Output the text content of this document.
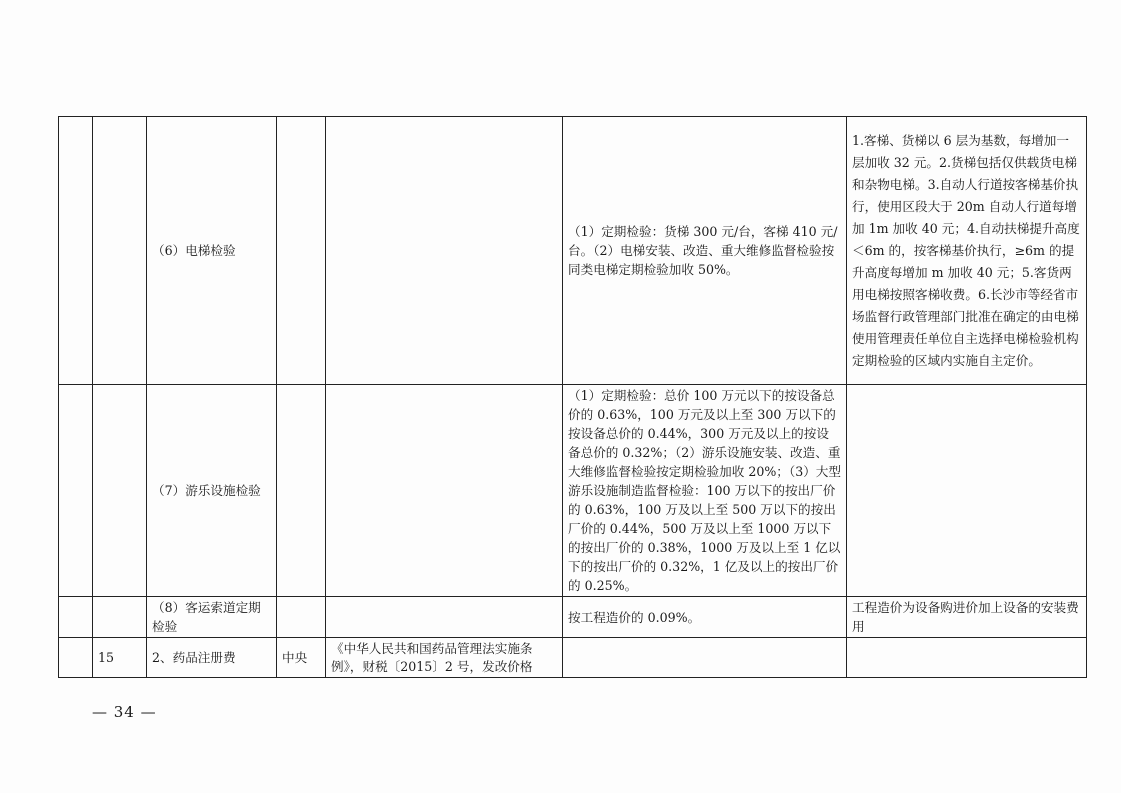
		（6）电梯检验			（1）定期检验：货梯 300 元/台，客梯 410 元/台。（2）电梯安装、改造、重大维修监督检验按同类电梯定期检验加收 50%。	1.客梯、货梯以 6 层为基数，每增加一层加收 32 元。2.货梯包括仅供载货电梯和杂物电梯。3.自动人行道按客梯基价执行，使用区段大于 20m 自动人行道每增加 1m 加收 40 元；4.自动扶梯提升高度＜6m 的，按客梯基价执行，≥6m 的提升高度每增加 m 加收 40 元；5.客货两用电梯按照客梯收费。6.长沙市等经省市场监督行政管理部门批准在确定的由电梯使用管理责任单位自主选择电梯检验机构定期检验的区域内实施自主定价。
		（7）游乐设施检验			（1）定期检验：总价 100 万元以下的按设备总价的 0.63%，100 万元及以上至 300 万以下的按设备总价的 0.44%，300 万元及以上的按设备总价的 0.32%；（2）游乐设施安装、改造、重大维修监督检验按定期检验加收 20%；（3）大型游乐设施制造监督检验：100 万以下的按出厂价的 0.63%，100 万及以上至 500 万以下的按出厂价的 0.44%，500 万及以上至 1000 万以下的按出厂价的 0.38%，1000 万及以上至 1 亿以下的按出厂价的 0.32%，1 亿及以上的按出厂价的 0.25%。	
		（8）客运索道定期检验			按工程造价的 0.09%。	工程造价为设备购进价加上设备的安装费用
	15	2、药品注册费	中央	《中华人民共和国药品管理法实施条例》，财税〔2015〕2 号，发改价格		
— 34 —
